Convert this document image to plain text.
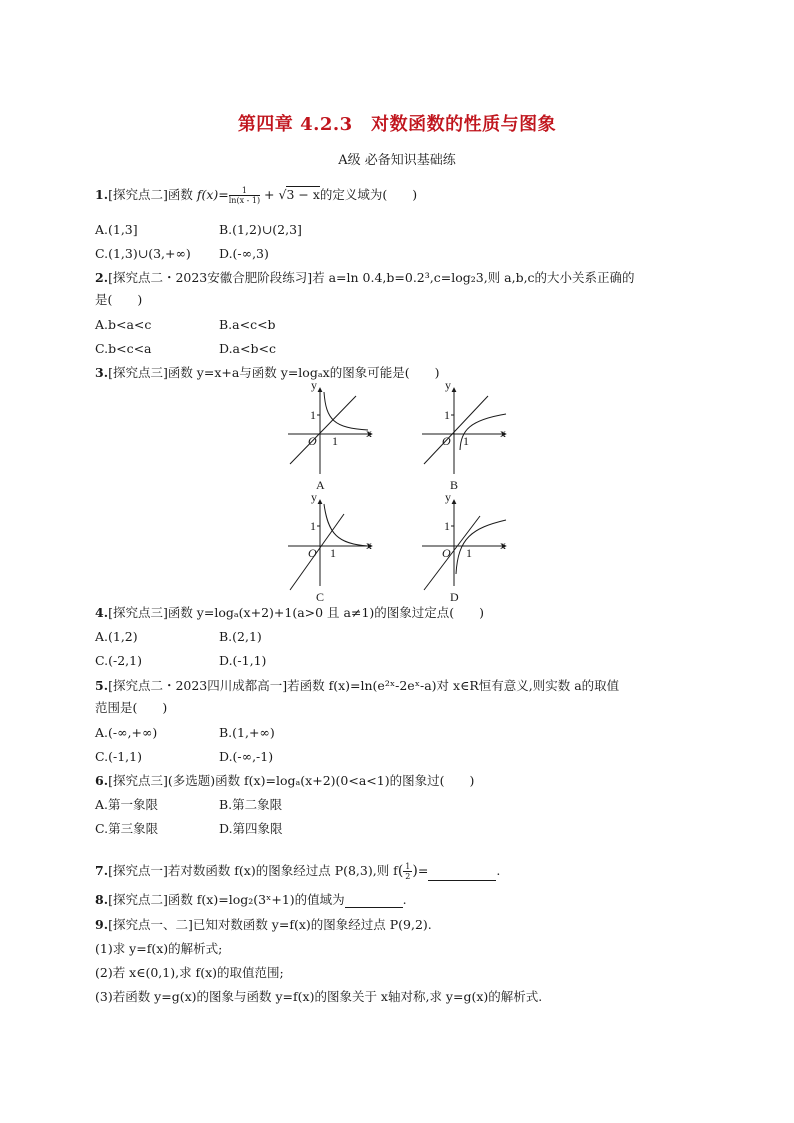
第四章 4.2.3　对数函数的性质与图象
A级 必备知识基础练
1.[探究点二]函数 $f(x)= \frac{1}{\ln(x - 1)} + √3 - x$的定义域为(　　)
A.(1,3]	B.(1,2)∪(2,3]
C.(1,3)∪(3,+∞) D.(-∞,3)
2.[探究点二・2023安徽合肥阶段练习]若 a=ln 0.4,b=0.2³,c=log₂3,则 a,b,c的大小关系正确的
是(　　)
A.b<a<c	B.a<c<b
C.b<c<a	D.a<b<c
3.[探究点三]函数 y=x+a与函数 y=logₐx的图象可能是(　　)
y
x
O
1
1
A
y
x
O
1
1
B
y
x
O
1
1
C
y
x
O
1
1
D
4.[探究点三]函数 y=logₐ(x+2)+1(a>0 且 a≠1)的图象过定点(　　)
A.(1,2)	B.(2,1)
C.(-2,1)	D.(-1,1)
5.[探究点二・2023四川成都高一]若函数 f(x)=ln(e²ˣ-2eˣ-a)对 x∈R恒有意义,则实数 a的取值
范围是(　　)
A.(-∞,+∞)	B.(1,+∞)
C.(-1,1)	D.(-∞,-1)
6.[探究点三](多选题)函数 f(x)=logₐ(x+2)(0<a<1)的图象过(　　)
A.第一象限	B.第二象限
C.第三象限	D.第四象限
7.[探究点一]若对数函数 f(x)的图象经过点 P(8,3),则 $f( \frac{1}{2})=$	.
8.[探究点二]函数 f(x)=log₂(3ˣ+1)的值域为	.
9.[探究点一、二]已知对数函数 y=f(x)的图象经过点 P(9,2).
(1)求 y=f(x)的解析式;
(2)若 x∈(0,1),求 f(x)的取值范围;
(3)若函数 y=g(x)的图象与函数 y=f(x)的图象关于 x轴对称,求 y=g(x)的解析式.
